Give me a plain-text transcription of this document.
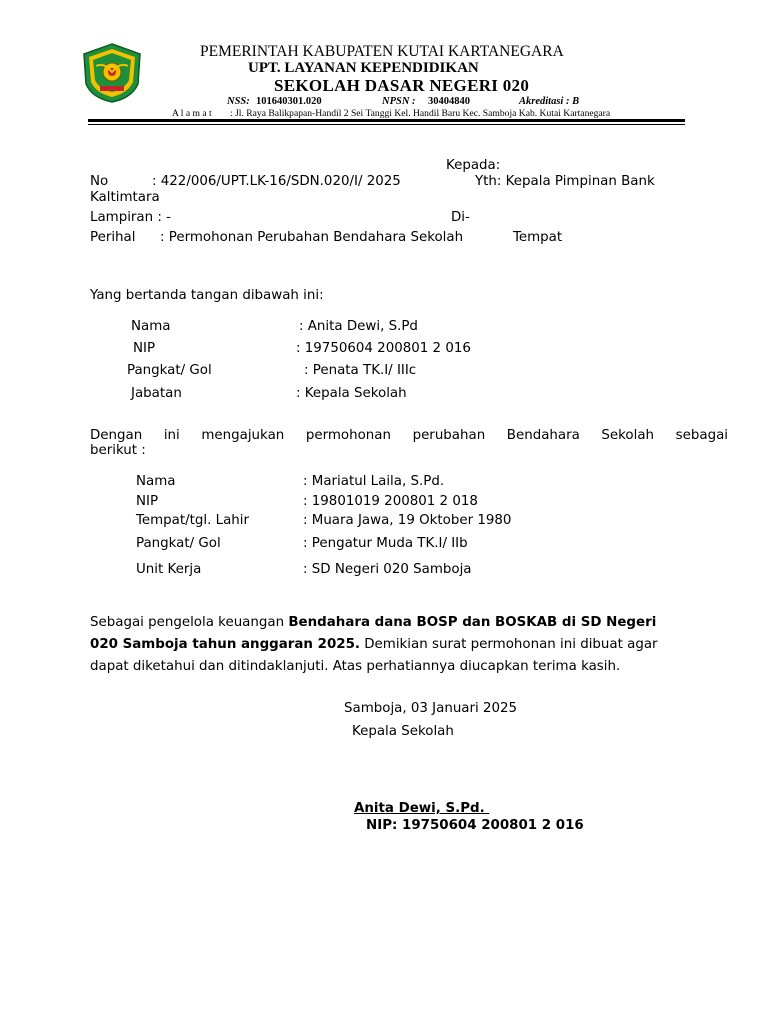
PEMERINTAH KABUPATEN KUTAI KARTANEGARA
UPT. LAYANAN KEPENDIDIKAN
SEKOLAH DASAR NEGERI 020
NSS: 101640301.020	NPSN : 30404840	Akreditasi : B
A l a m a t : Jl. Raya Balikpapan-Handil 2 Sei Tanggi Kel. Handil Baru Kec. Samboja Kab. Kutai Kartanegara
Kepada:
No	: 422/006/UPT.LK-16/SDN.020/I/ 2025	Yth: Kepala Pimpinan Bank
Kaltimtara
Lampiran : -	Di-
Perihal : Permohonan Perubahan Bendahara Sekolah	Tempat
Yang bertanda tangan dibawah ini:
Nama	: Anita Dewi, S.Pd
NIP	: 19750604 200801 2 016
Pangkat/ Gol	: Penata TK.I/ IIIc
Jabatan	: Kepala Sekolah
Dengan ini mengajukan permohonan perubahan Bendahara Sekolah sebagai
berikut :
Nama	: Mariatul Laila, S.Pd.
NIP	: 19801019 200801 2 018
Tempat/tgl. Lahir	: Muara Jawa, 19 Oktober 1980
Pangkat/ Gol	: Pengatur Muda TK.I/ IIb
Unit Kerja	: SD Negeri 020 Samboja
Sebagai pengelola keuangan Bendahara dana BOSP dan BOSKAB di SD Negeri
020 Samboja tahun anggaran 2025. Demikian surat permohonan ini dibuat agar
dapat diketahui dan ditindaklanjuti. Atas perhatiannya diucapkan terima kasih.
Samboja, 03 Januari 2025
Kepala Sekolah
Anita Dewi, S.Pd.
NIP: 19750604 200801 2 016
